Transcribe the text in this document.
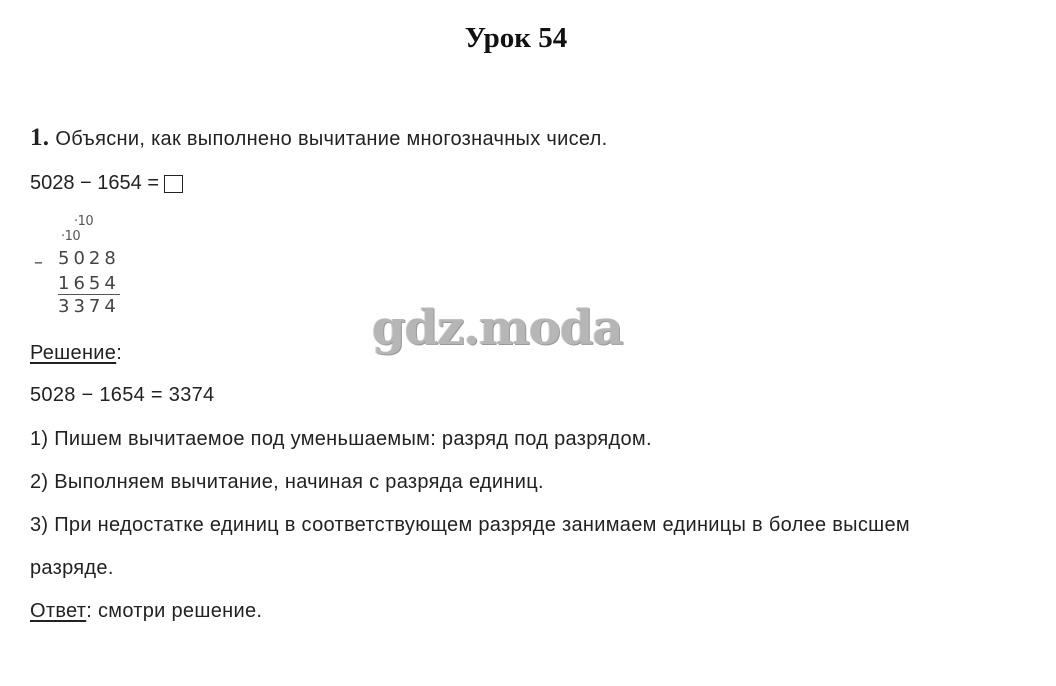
Урок 54
1. Объясни, как выполнено вычитание многозначных чисел.
5028 − 1654 =
·10
·10
– 5028
1654
3374	gdz.moda
Решение:
5028 − 1654 = 3374
1) Пишем вычитаемое под уменьшаемым: разряд под разрядом.
2) Выполняем вычитание, начиная с разряда единиц.
3) При недостатке единиц в соответствующем разряде занимаем единицы в более высшем
разряде.
Ответ: смотри решение.
